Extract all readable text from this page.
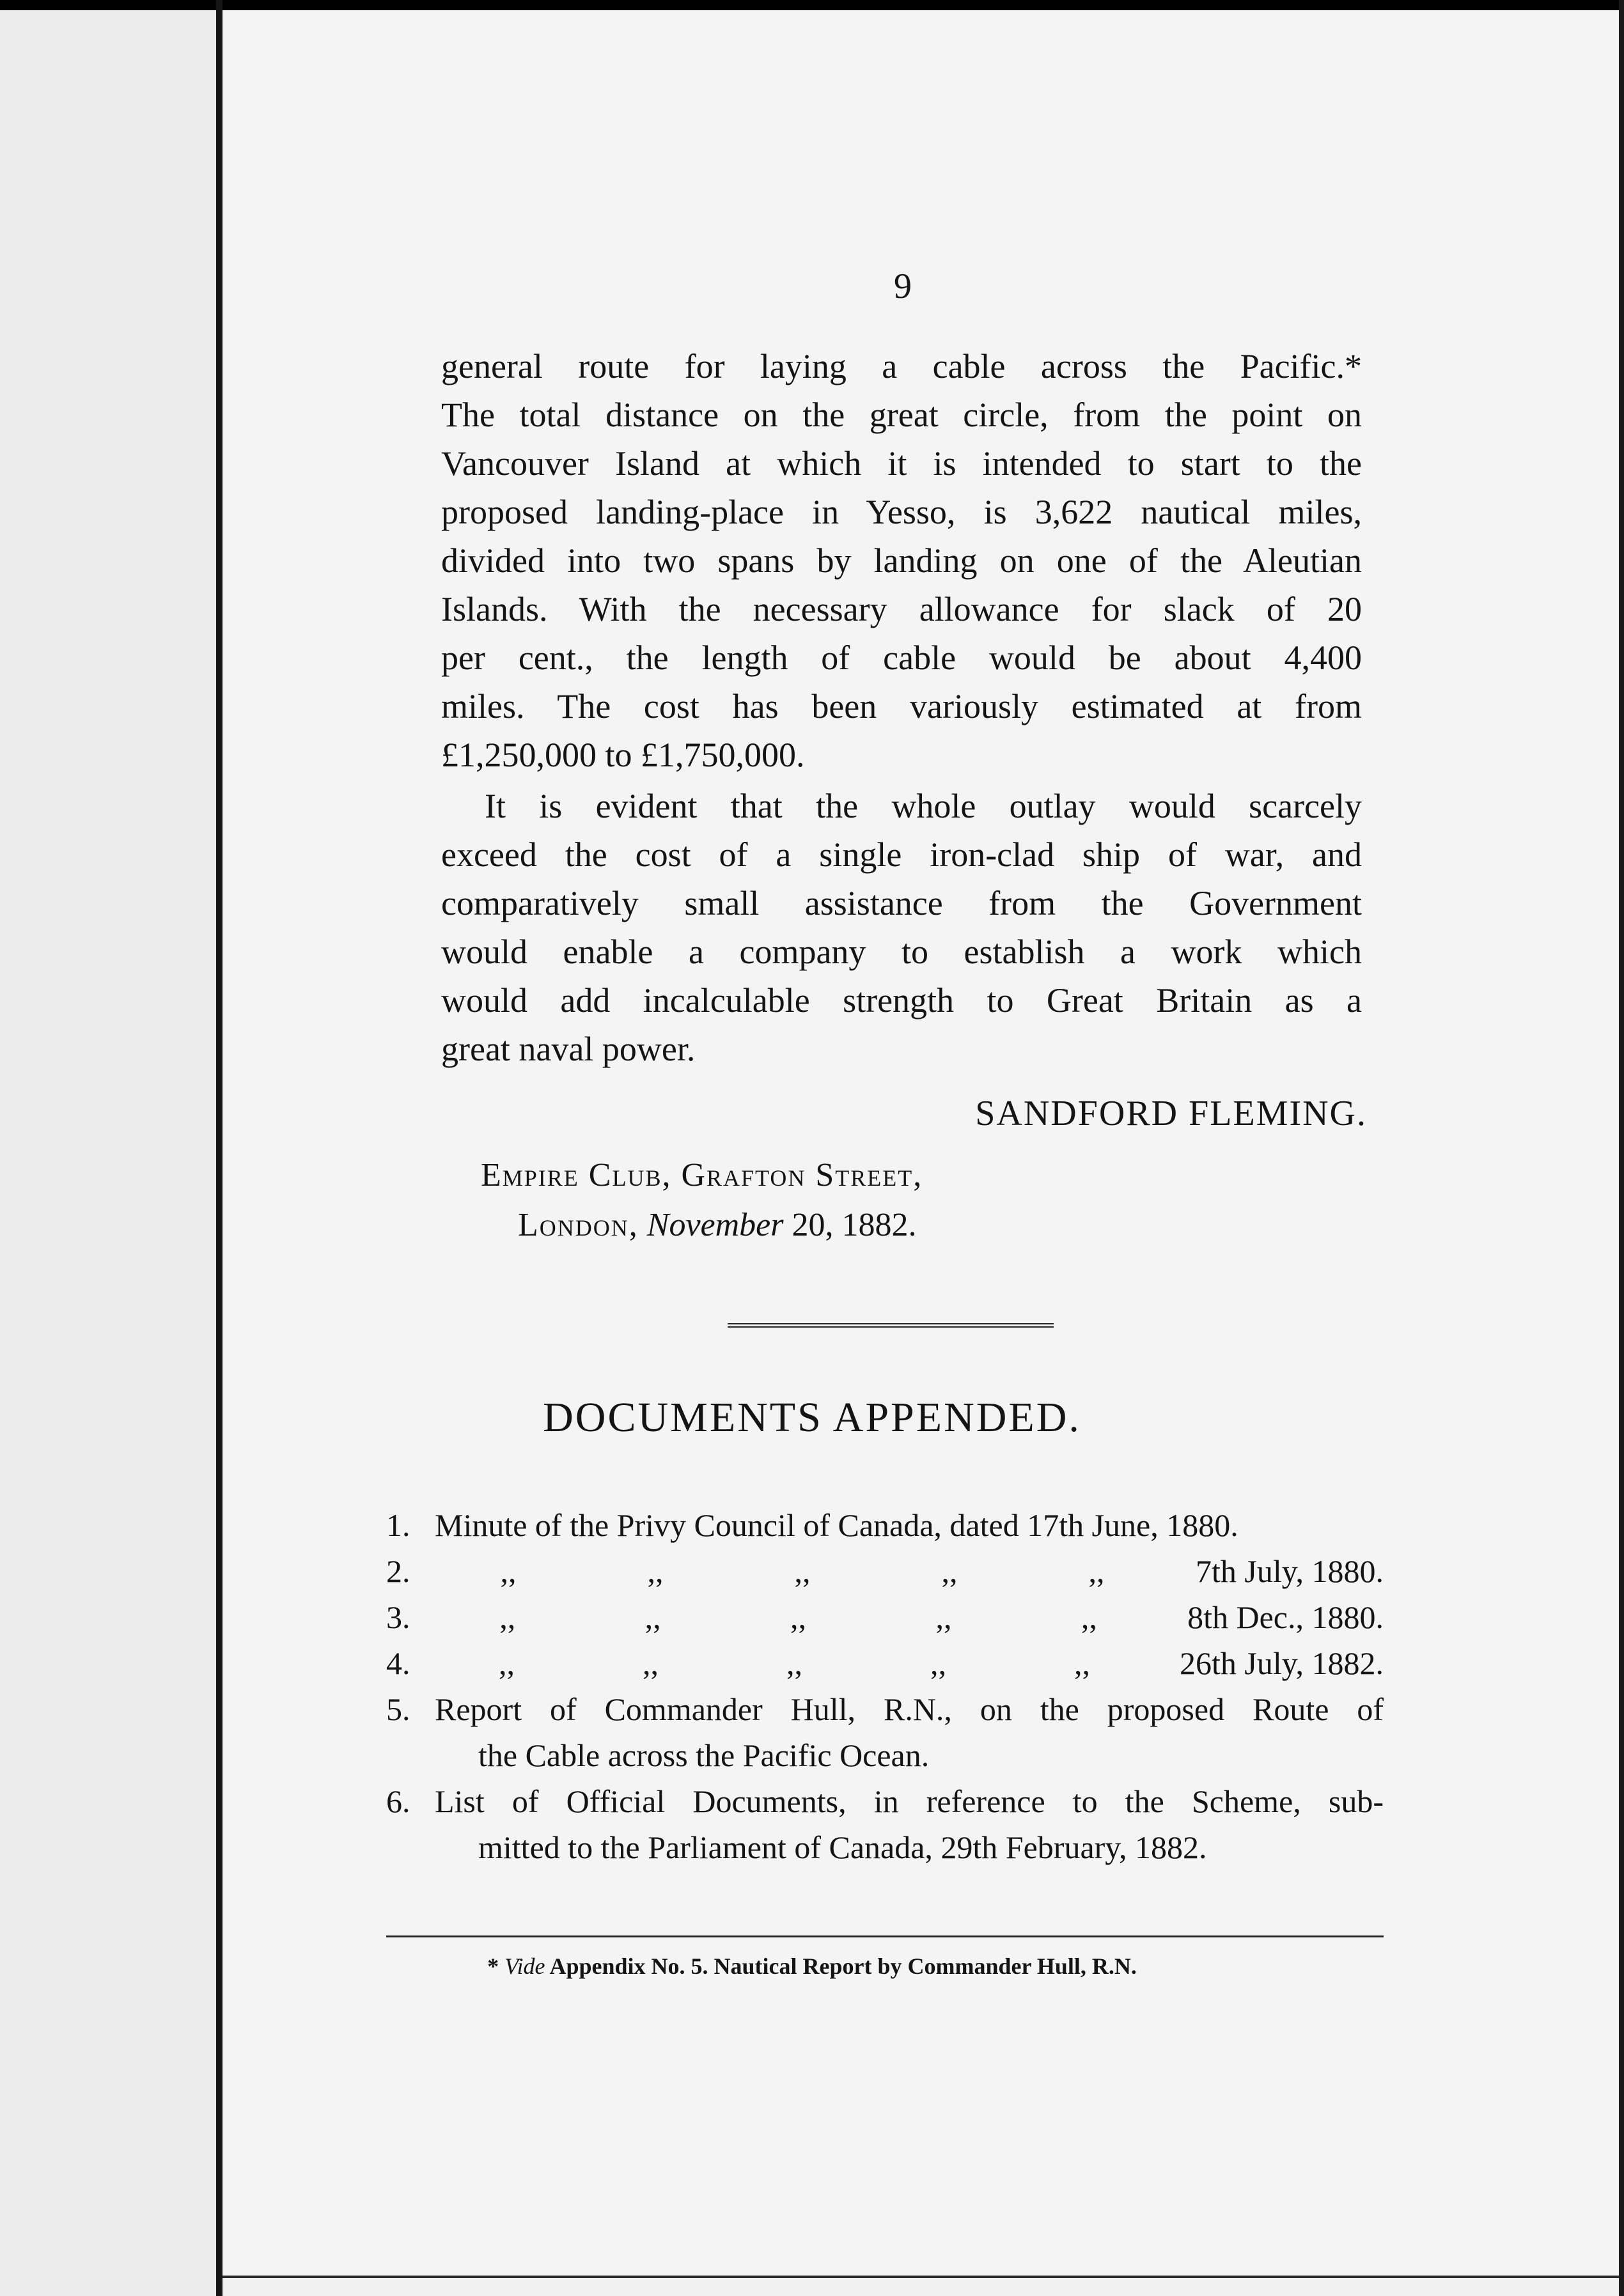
9

general route for laying a cable across the Pacific.*
The total distance on the great circle, from the point on
Vancouver Island at which it is intended to start to the
proposed landing-place in Yesso, is 3,622 nautical miles,
divided into two spans by landing on one of the Aleutian
Islands. With the necessary allowance for slack of 20
per cent., the length of cable would be about 4,400
miles. The cost has been variously estimated at from
£1,250,000 to £1,750,000.

It is evident that the whole outlay would scarcely
exceed the cost of a single iron-clad ship of war, and
comparatively small assistance from the Government
would enable a company to establish a work which
would add incalculable strength to Great Britain as a
great naval power.

SANDFORD FLEMING.
Empire Club, Grafton Street,
London, November 20, 1882.
DOCUMENTS APPENDED.
1. Minute of the Privy Council of Canada, dated 17th June, 1880.
2.	,,	,,	,,	,,	,,	7th July, 1880.
3.	,,	,,	,,	,,	,,	8th Dec., 1880.
4.	,,	,,	,,	,,	,,	26th July, 1882.
5. Report of Commander Hull, R.N., on the proposed Route of
the Cable across the Pacific Ocean.
6. List of Official Documents, in reference to the Scheme, sub-
mitted to the Parliament of Canada, 29th February, 1882.
* Vide Appendix No. 5. Nautical Report by Commander Hull, R.N.
